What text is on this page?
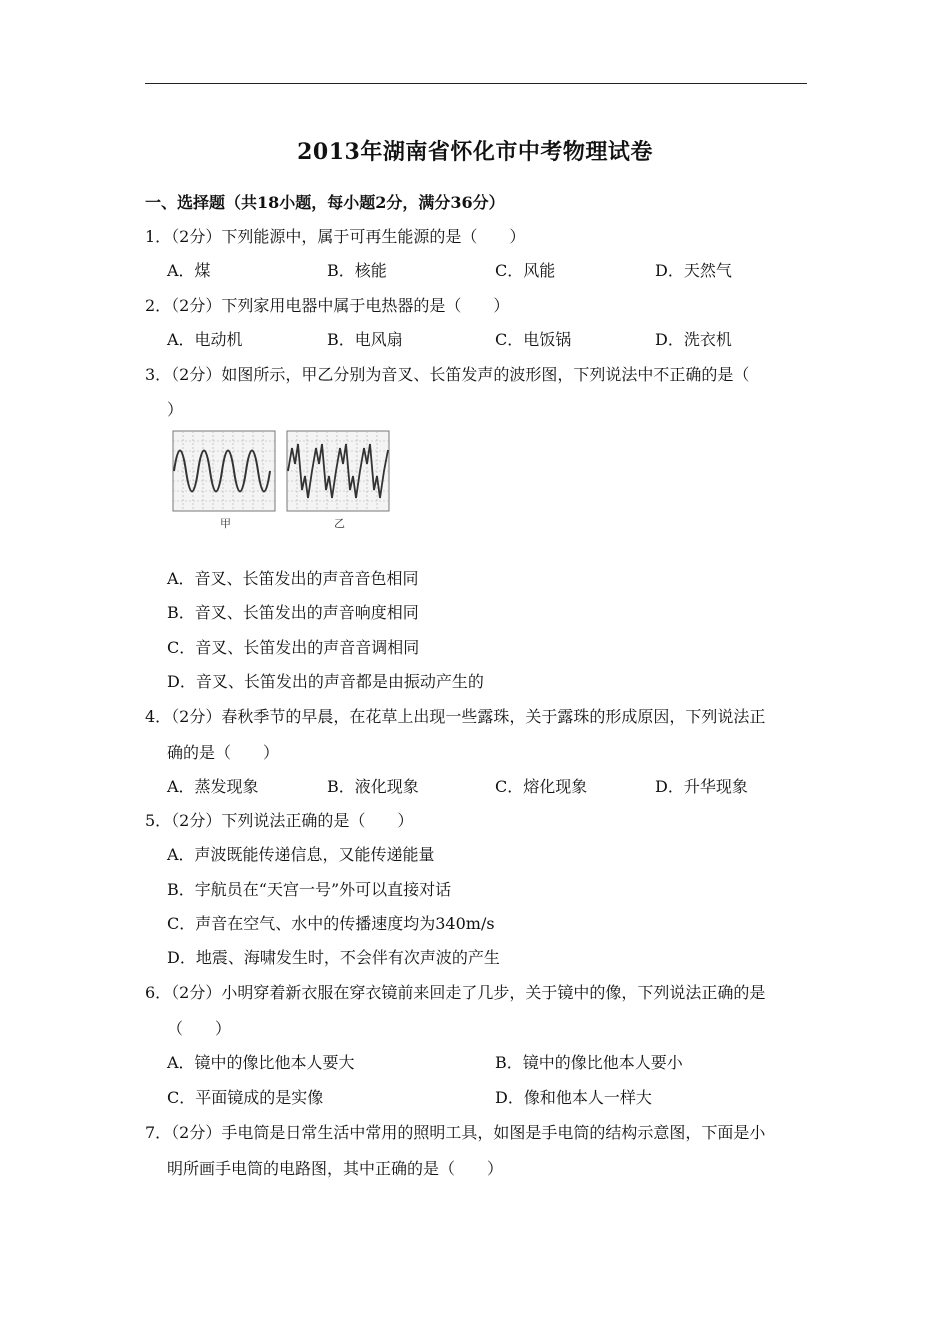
2013年湖南省怀化市中考物理试卷
一、选择题（共18小题，每小题2分，满分36分）
1．（2分）下列能源中，属于可再生能源的是（　　）
A．煤	B．核能	C．风能	D．天然气
2．（2分）下列家用电器中属于电热器的是（　　）
A．电动机	B．电风扇	C．电饭锅	D．洗衣机
3．（2分）如图所示，甲乙分别为音叉、长笛发声的波形图，下列说法中不正确的是（
）
甲	乙
A．音叉、长笛发出的声音音色相同
B．音叉、长笛发出的声音响度相同
C．音叉、长笛发出的声音音调相同
D．音叉、长笛发出的声音都是由振动产生的
4．（2分）春秋季节的早晨，在花草上出现一些露珠，关于露珠的形成原因，下列说法正
确的是（　　）
A．蒸发现象	B．液化现象	C．熔化现象	D．升华现象
5．（2分）下列说法正确的是（　　）
A．声波既能传递信息，又能传递能量
B．宇航员在“天宫一号”外可以直接对话
C．声音在空气、水中的传播速度均为340m/s
D．地震、海啸发生时，不会伴有次声波的产生
6．（2分）小明穿着新衣服在穿衣镜前来回走了几步，关于镜中的像，下列说法正确的是
（　　）
A．镜中的像比他本人要大	B．镜中的像比他本人要小
C．平面镜成的是实像	D．像和他本人一样大
7．（2分）手电筒是日常生活中常用的照明工具，如图是手电筒的结构示意图，下面是小
明所画手电筒的电路图，其中正确的是（　　）
